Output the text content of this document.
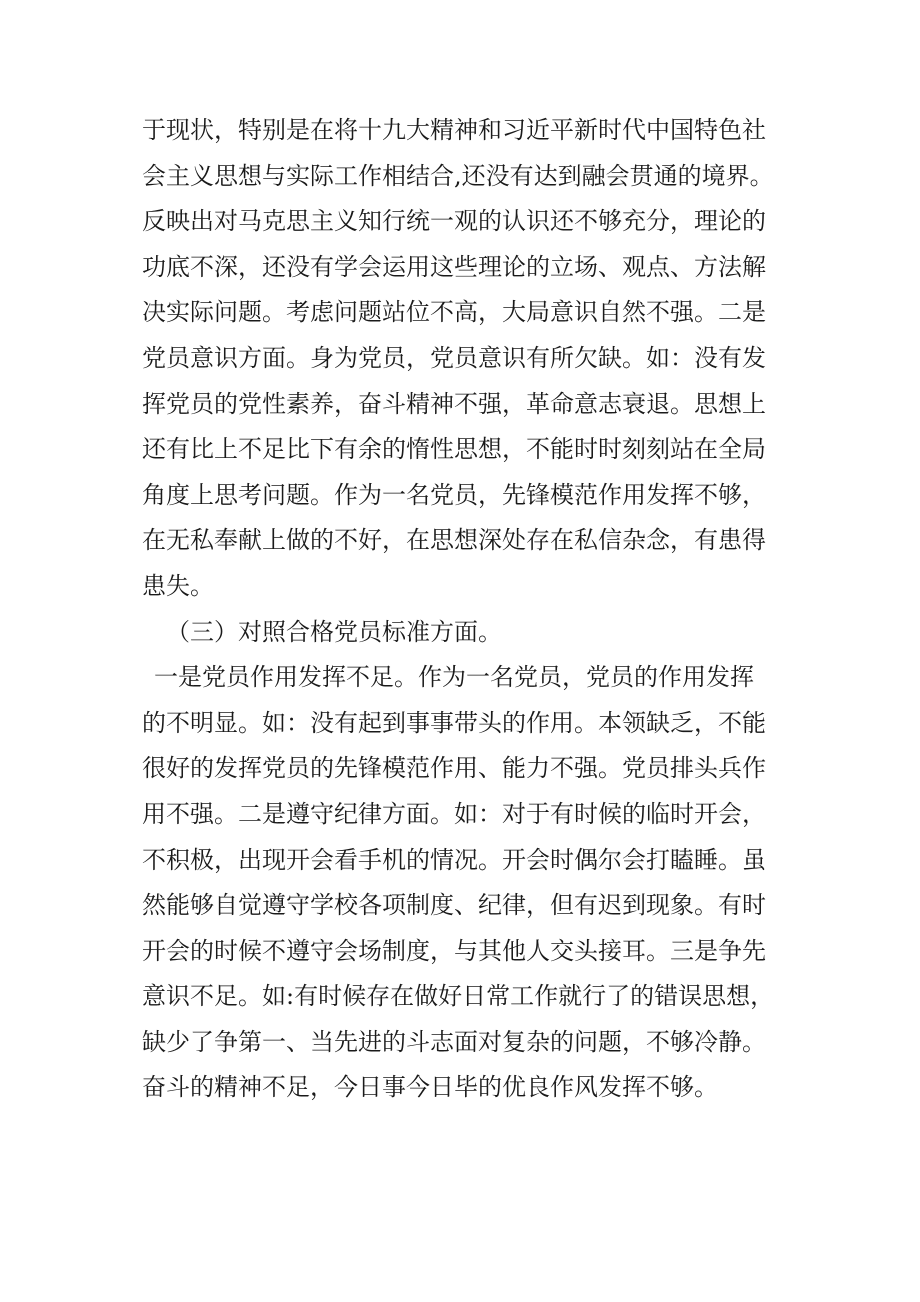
于现状，特别是在将十九大精神和习近平新时代中国特色社
会主义思想与实际工作相结合,还没有达到融会贯通的境界。
反映出对马克思主义知行统一观的认识还不够充分，理论的
功底不深，还没有学会运用这些理论的立场、观点、方法解
决实际问题。考虑问题站位不高，大局意识自然不强。二是
党员意识方面。身为党员，党员意识有所欠缺。如：没有发
挥党员的党性素养，奋斗精神不强，革命意志衰退。思想上
还有比上不足比下有余的惰性思想，不能时时刻刻站在全局
角度上思考问题。作为一名党员，先锋模范作用发挥不够，
在无私奉献上做的不好，在思想深处存在私信杂念，有患得
患失。
（三）对照合格党员标准方面。
一是党员作用发挥不足。作为一名党员，党员的作用发挥
的不明显。如：没有起到事事带头的作用。本领缺乏，不能
很好的发挥党员的先锋模范作用、能力不强。党员排头兵作
用不强。二是遵守纪律方面。如：对于有时候的临时开会，
不积极，出现开会看手机的情况。开会时偶尔会打瞌睡。虽
然能够自觉遵守学校各项制度、纪律，但有迟到现象。有时
开会的时候不遵守会场制度，与其他人交头接耳。三是争先
意识不足。如:有时候存在做好日常工作就行了的错误思想，
缺少了争第一、当先进的斗志面对复杂的问题，不够冷静。
奋斗的精神不足，今日事今日毕的优良作风发挥不够。
